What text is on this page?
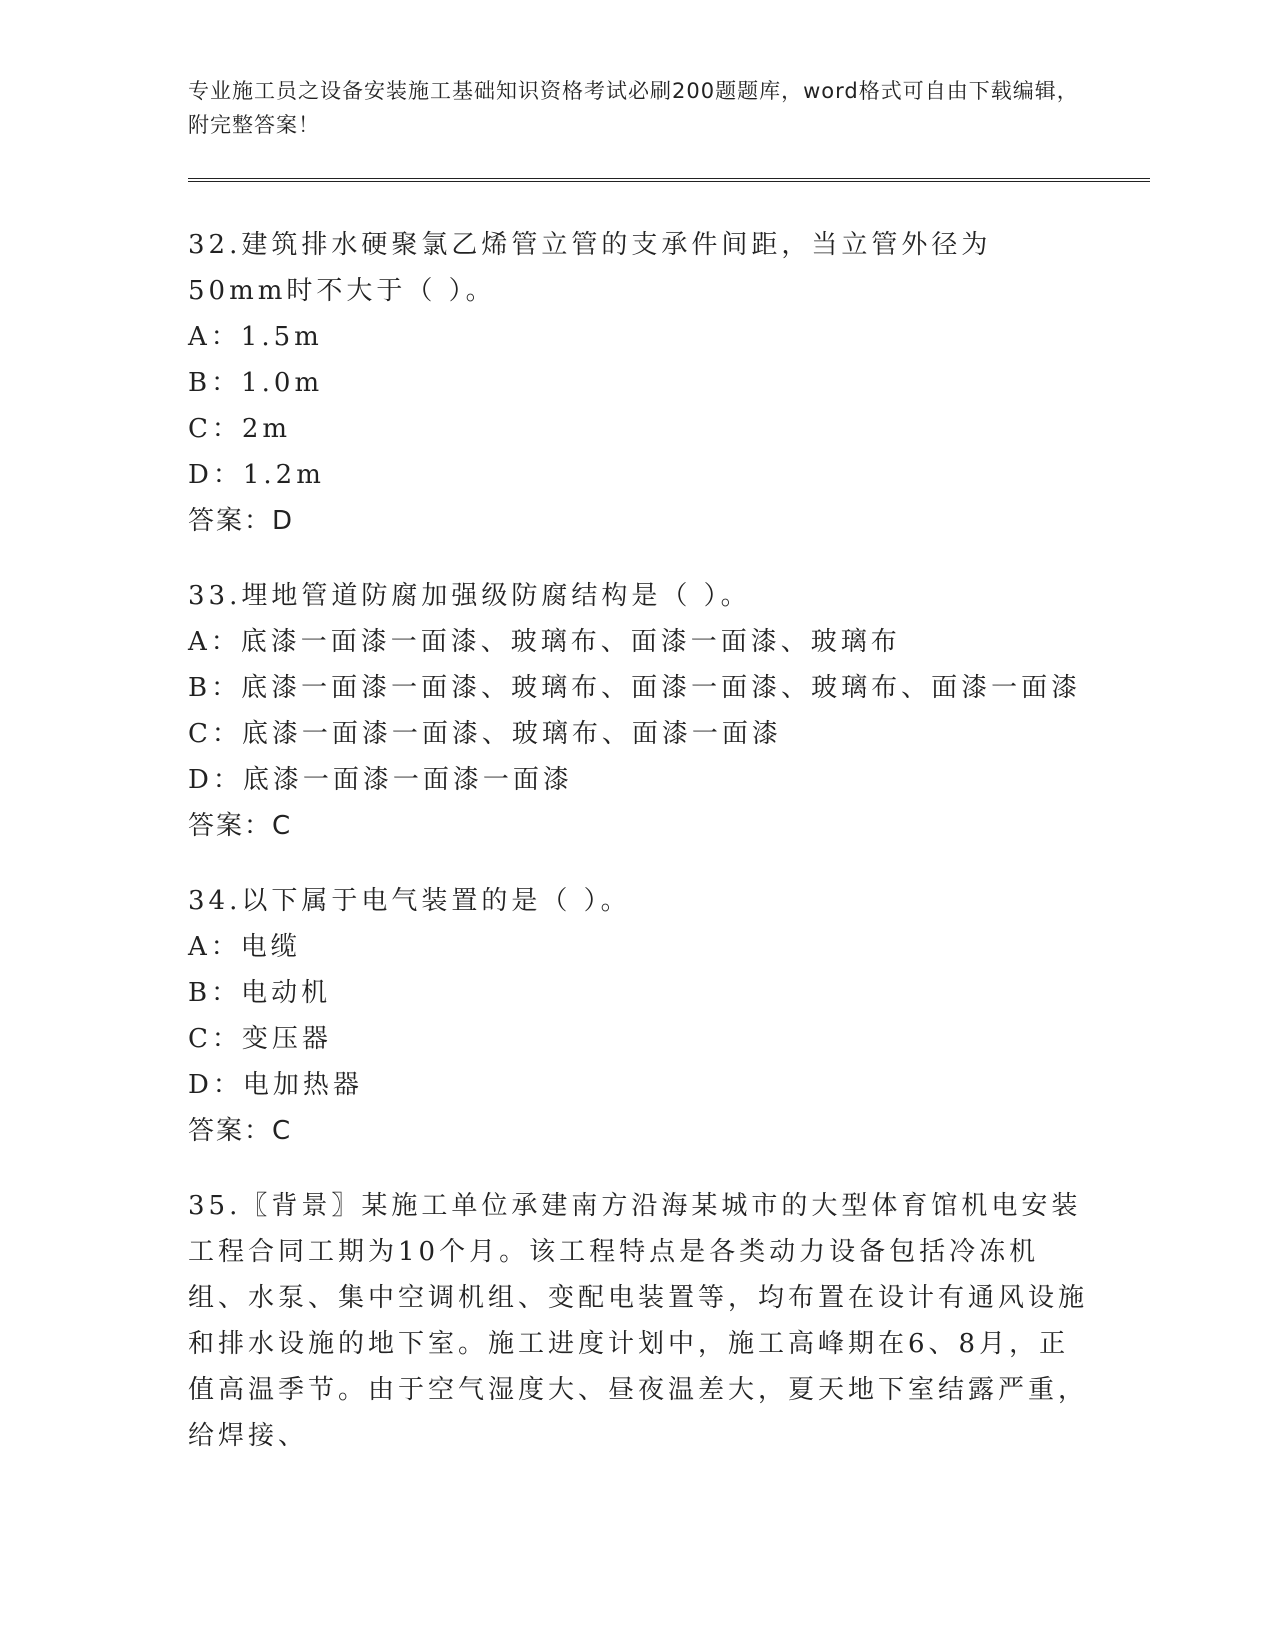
专业施工员之设备安装施工基础知识资格考试必刷200题题库，word格式可自由下载编辑，附完整答案！

32.建筑排水硬聚氯乙烯管立管的支承件间距，当立管外径为50mm时不大于（ ）。

A：1.5m
B：1.0m
C：2m
D：1.2m
答案：D

33.埋地管道防腐加强级防腐结构是（ ）。

A：底漆一面漆一面漆、玻璃布、面漆一面漆、玻璃布
B：底漆一面漆一面漆、玻璃布、面漆一面漆、玻璃布、面漆一面漆
C：底漆一面漆一面漆、玻璃布、面漆一面漆
D：底漆一面漆一面漆一面漆
答案：C

34.以下属于电气装置的是（ ）。

A：电缆
B：电动机
C：变压器
D：电加热器
答案：C

35.〖背景〗某施工单位承建南方沿海某城市的大型体育馆机电安装工程合同工期为10个月。该工程特点是各类动力设备包括冷冻机组、水泵、集中空调机组、变配电装置等，均布置在设计有通风设施和排水设施的地下室。施工进度计划中，施工高峰期在6、8月，正值高温季节。由于空气湿度大、昼夜温差大，夏天地下室结露严重，给焊接、
